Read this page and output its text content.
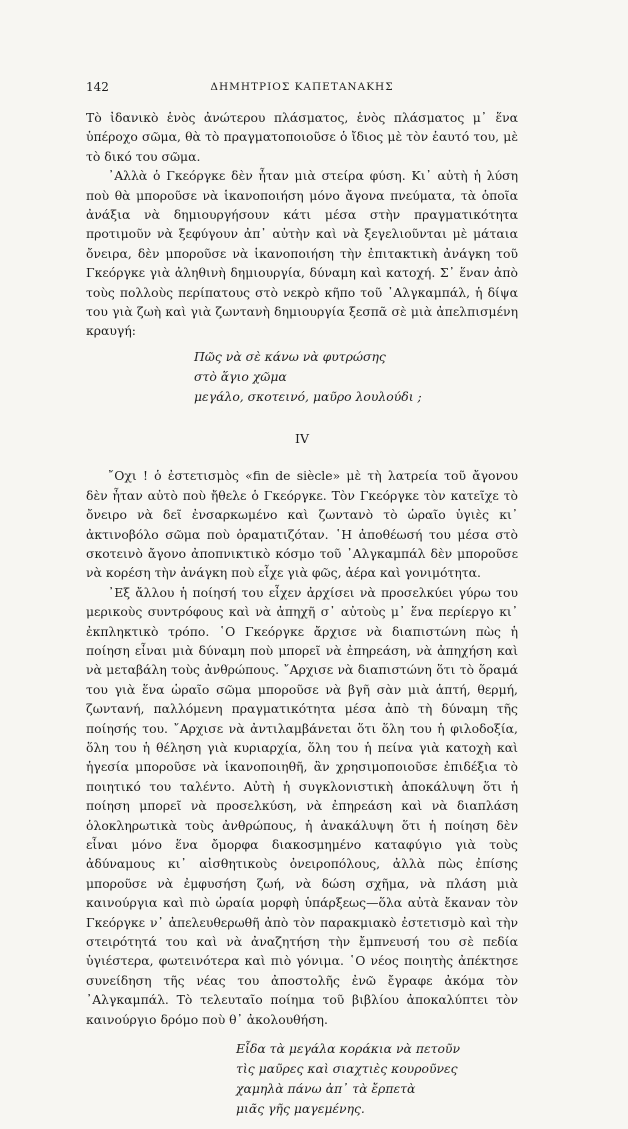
142	ΔΗΜΗΤΡΙΟΣ ΚΑΠΕΤΑΝΑΚΗΣ

Τὸ ἰδανικὸ ἑνὸς ἀνώτερου πλάσματος, ἑνὸς πλάσματος μ᾿ ἕνα ὑπέροχο σῶμα, θὰ τὸ πραγματοποιοῦσε ὁ ἴδιος μὲ τὸν ἑαυτό του, μὲ τὸ δικό του σῶμα.

᾿Αλλὰ ὁ Γκεόργκε δὲν ἦταν μιὰ στείρα φύση. Κι᾿ αὐτὴ ἡ λύση ποὺ θὰ μποροῦσε νὰ ἱκανοποιήση μόνο ἄγονα πνεύματα, τὰ ὁποῖα ἀνάξια νὰ δημιουργήσουν κάτι μέσα στὴν πραγματικότητα προτιμοῦν νὰ ξεφύγουν ἀπ᾿ αὐτὴν καὶ νὰ ξεγελιοῦνται μὲ μάταια ὄνειρα, δὲν μποροῦσε νὰ ἱκανοποιήση τὴν ἐπιτακτικὴ ἀνάγκη τοῦ Γκεόργκε γιὰ ἀληθινὴ δημιουργία, δύναμη καὶ κατοχή. Σ᾿ ἕναν ἀπὸ τοὺς πολλοὺς περίπατους στὸ νεκρὸ κῆπο τοῦ ᾿Αλγκαμπάλ, ἡ δίψα του γιὰ ζωὴ καὶ γιὰ ζωντανὴ δημιουργία ξεσπᾶ σὲ μιὰ ἀπελπισμένη κραυγή:

Πῶς νὰ σὲ κάνω νὰ φυτρώσης
στὸ ἅγιο χῶμα
μεγάλο, σκοτεινό, μαῦρο λουλούδι ;
IV

῎Οχι ! ὁ ἐστετισμὸς «fin de siècle» μὲ τὴ λατρεία τοῦ ἄγονου δὲν ἦταν αὐτὸ ποὺ ἤθελε ὁ Γκεόργκε. Τὸν Γκεόργκε τὸν κατεῖχε τὸ ὄνειρο νὰ δεῖ ἐνσαρκωμένο καὶ ζωντανὸ τὸ ὡραῖο ὑγιὲς κι᾿ ἀκτινοβόλο σῶμα ποὺ ὁραματιζόταν. ῾Η ἀποθέωσή του μέσα στὸ σκοτεινὸ ἄγονο ἀποπνικτικὸ κόσμο τοῦ ᾿Αλγκαμπάλ δὲν μποροῦσε νὰ κορέση τὴν ἀνάγκη ποὺ εἶχε γιὰ φῶς, ἀέρα καὶ γονιμότητα.

᾿Εξ ἄλλου ἡ ποίησή του εἶχεν ἀρχίσει νὰ προσελκύει γύρω του μερικοὺς συντρόφους καὶ νὰ ἀπηχῆ σ᾿ αὐτοὺς μ᾿ ἕνα περίεργο κι᾿ ἐκπληκτικὸ τρόπο. ῾Ο Γκεόργκε ἄρχισε νὰ διαπιστώνη πὼς ἡ ποίηση εἶναι μιὰ δύναμη ποὺ μπορεῖ νὰ ἐπηρεάση, νὰ ἀπηχήση καὶ νὰ μεταβάλη τοὺς ἀνθρώπους. ῎Αρχισε νὰ διαπιστώνη ὅτι τὸ ὅραμά του γιὰ ἕνα ὡραῖο σῶμα μποροῦσε νὰ βγῆ σὰν μιὰ ἁπτή, θερμή, ζωντανή, παλλόμενη πραγματικότητα μέσα ἀπὸ τὴ δύναμη τῆς ποίησής του. ῎Αρχισε νὰ ἀντιλαμβάνεται ὅτι ὅλη του ἡ φιλοδοξία, ὅλη του ἡ θέληση γιὰ κυριαρχία, ὅλη του ἡ πείνα γιὰ κατοχὴ καὶ ἡγεσία μποροῦσε νὰ ἱκανοποιηθῆ, ἂν χρησιμοποιοῦσε ἐπιδέξια τὸ ποιητικό του ταλέντο. Αὐτὴ ἡ συγκλονιστικὴ ἀποκάλυψη ὅτι ἡ ποίηση μπορεῖ νὰ προσελκύση, νὰ ἐπηρεάση καὶ νὰ διαπλάση ὁλοκληρωτικὰ τοὺς ἀνθρώπους, ἡ ἀνακάλυψη ὅτι ἡ ποίηση δὲν εἶναι μόνο ἕνα ὄμορφα διακοσμημένο καταφύγιο γιὰ τοὺς ἀδύναμους κι᾿ αἰσθητικοὺς ὀνειροπόλους, ἀλλὰ πὼς ἐπίσης μποροῦσε νὰ ἐμφυσήση ζωή, νὰ δώση σχῆμα, νὰ πλάση μιὰ καινούργια καὶ πιὸ ὡραία μορφὴ ὑπάρξεως—ὅλα αὐτὰ ἔκαναν τὸν Γκεόργκε ν᾿ ἀπελευθερωθῆ ἀπὸ τὸν παρακμιακὸ ἐστετισμὸ καὶ τὴν στειρότητά του καὶ νὰ ἀναζητήση τὴν ἔμπνευσή του σὲ πεδία ὑγιέστερα, φωτεινότερα καὶ πιὸ γόνιμα. ῾Ο νέος ποιητὴς ἀπέκτησε συνείδηση τῆς νέας του ἀποστολῆς ἐνῶ ἔγραφε ἀκόμα τὸν ᾿Αλγκαμπάλ. Τὸ τελευταῖο ποίημα τοῦ βιβλίου ἀποκαλύπτει τὸν καινούργιο δρόμο ποὺ θ᾿ ἀκολουθήση.

Εἶδα τὰ μεγάλα κοράκια νὰ πετοῦν
τὶς μαῦρες καὶ σιαχτιὲς κουροῦνες
χαμηλὰ πάνω ἀπ᾿ τὰ ἔρπετὰ
μιᾶς γῆς μαγεμένης.
